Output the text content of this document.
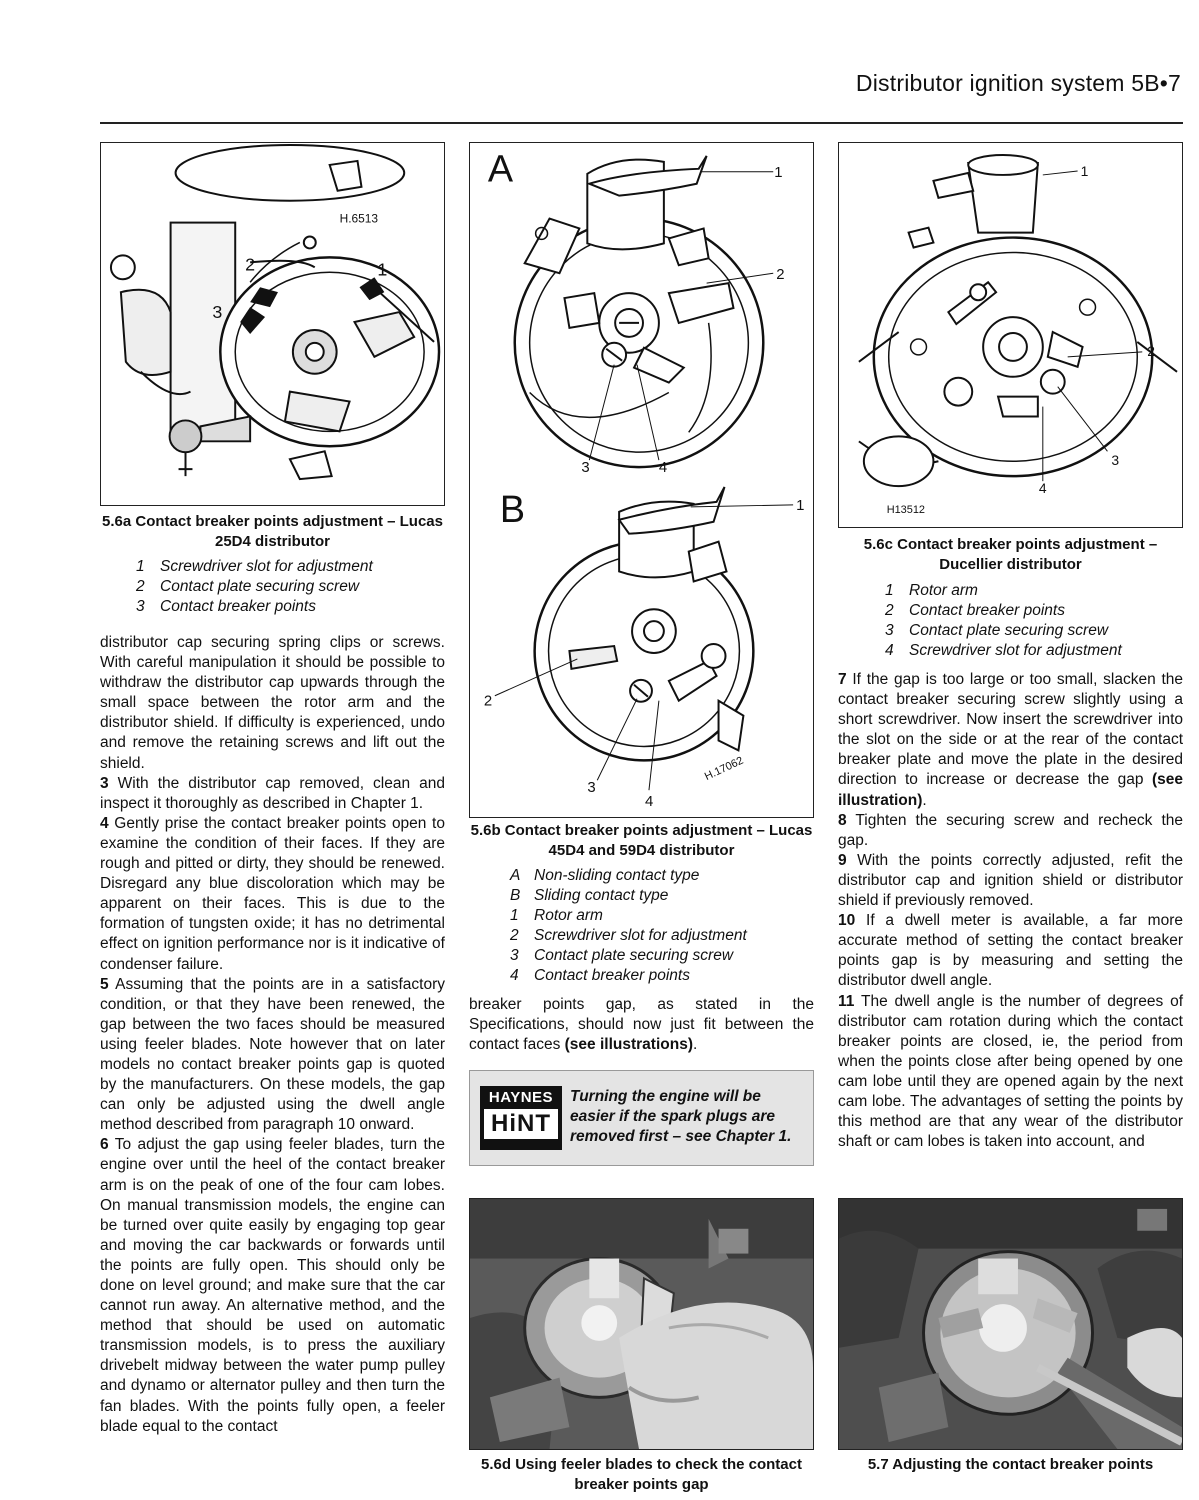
Distributor ignition system 5B•7
H.6513
1
2
3
5.6a Contact breaker points adjustment – Lucas 25D4 distributor
1 Screwdriver slot for adjustment
2 Contact plate securing screw
3 Contact breaker points
A	1
2
3	4
B	1
2
3
4
H.17062
5.6b Contact breaker points adjustment – Lucas 45D4 and 59D4 distributor
A Non-sliding contact type
B Sliding contact type
1 Rotor arm
2 Screwdriver slot for adjustment
3 Contact plate securing screw
4 Contact breaker points
1
2
3
4
H13512
5.6c Contact breaker points adjustment – Ducellier distributor
1 Rotor arm
2 Contact breaker points
3 Contact plate securing screw
4 Screwdriver slot for adjustment

distributor cap securing spring clips or screws. With careful manipulation it should be possible to withdraw the distributor cap upwards through the small space between the rotor arm and the distributor shield. If difficulty is experienced, undo and remove the retaining screws and lift out the shield.

3 With the distributor cap removed, clean and inspect it thoroughly as described in Chapter 1.

4 Gently prise the contact breaker points open to examine the condition of their faces. If they are rough and pitted or dirty, they should be renewed. Disregard any blue discoloration which may be apparent on their faces. This is due to the formation of tungsten oxide; it has no detrimental effect on ignition performance nor is it indicative of condenser failure.

5 Assuming that the points are in a satisfactory condition, or that they have been renewed, the gap between the two faces should be measured using feeler blades. Note however that on later models no contact breaker points gap is quoted by the manufacturers. On these models, the gap can only be adjusted using the dwell angle method described from paragraph 10 onward.

6 To adjust the gap using feeler blades, turn the engine over until the heel of the contact breaker arm is on the peak of one of the four cam lobes. On manual transmission models, the engine can be turned over quite easily by engaging top gear and moving the car backwards or forwards until the points are fully open. This should only be done on level ground; and make sure that the car cannot run away. An alternative method, and the method that should be used on automatic transmission models, is to press the auxiliary drivebelt midway between the water pump pulley and dynamo or alternator pulley and then turn the fan blades. With the points fully open, a feeler blade equal to the contact

breaker points gap, as stated in the Specifications, should now just fit between the contact faces (see illustrations).

HAYNES
HiNT
Turning the engine will be easier if the spark plugs are removed first – see Chapter 1.

7 If the gap is too large or too small, slacken the contact breaker securing screw slightly using a short screwdriver. Now insert the screwdriver into the slot on the side or at the rear of the contact breaker plate and move the plate in the desired direction to increase or decrease the gap (see illustration).

8 Tighten the securing screw and recheck the gap.

9 With the points correctly adjusted, refit the distributor cap and ignition shield or distributor shield if previously removed.

10 If a dwell meter is available, a far more accurate method of setting the contact breaker points gap is by measuring and setting the distributor dwell angle.

11 The dwell angle is the number of degrees of distributor cam rotation during which the contact breaker points are closed, ie, the period from when the points close after being opened by one cam lobe until they are opened again by the next cam lobe. The advantages of setting the points by this method are that any wear of the distributor shaft or cam lobes is taken into account, and

5.6d Using feeler blades to check the contact breaker points gap
5.7 Adjusting the contact breaker points
